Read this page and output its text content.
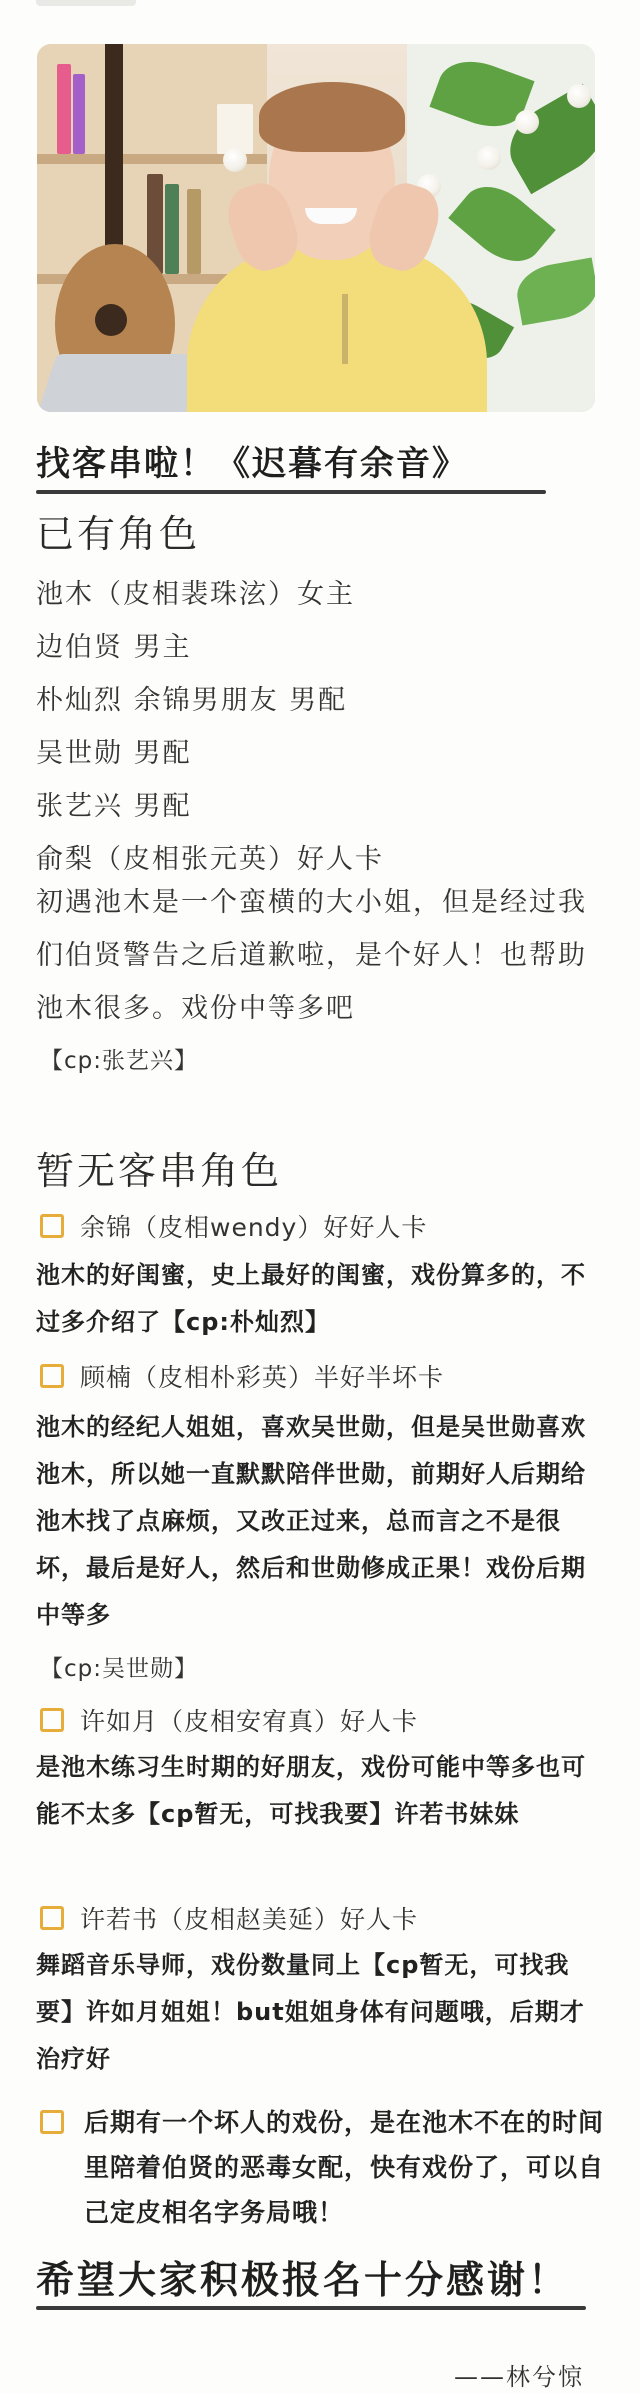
找客串啦！《迟暮有余音》
已有角色
池木（皮相裴珠泫）女主
边伯贤 男主
朴灿烈 余锦男朋友 男配
吴世勋 男配
张艺兴 男配
俞梨（皮相张元英）好人卡
初遇池木是一个蛮横的大小姐，但是经过我们伯贤警告之后道歉啦，是个好人！也帮助池木很多。戏份中等多吧
【cp:张艺兴】
暂无客串角色
余锦（皮相wendy）好好人卡
池木的好闺蜜，史上最好的闺蜜，戏份算多的，不过多介绍了【cp:朴灿烈】
顾楠（皮相朴彩英）半好半坏卡
池木的经纪人姐姐，喜欢吴世勋，但是吴世勋喜欢池木，所以她一直默默陪伴世勋，前期好人后期给池木找了点麻烦，又改正过来，总而言之不是很坏，最后是好人，然后和世勋修成正果！戏份后期中等多
【cp:吴世勋】
许如月（皮相安宥真）好人卡
是池木练习生时期的好朋友，戏份可能中等多也可能不太多【cp暂无，可找我要】许若书妹妹
许若书（皮相赵美延）好人卡
舞蹈音乐导师，戏份数量同上【cp暂无，可找我要】许如月姐姐！but姐姐身体有问题哦，后期才治疗好
后期有一个坏人的戏份，是在池木不在的时间里陪着伯贤的恶毒女配，快有戏份了，可以自己定皮相名字务局哦！
希望大家积极报名十分感谢！
——林兮惊
